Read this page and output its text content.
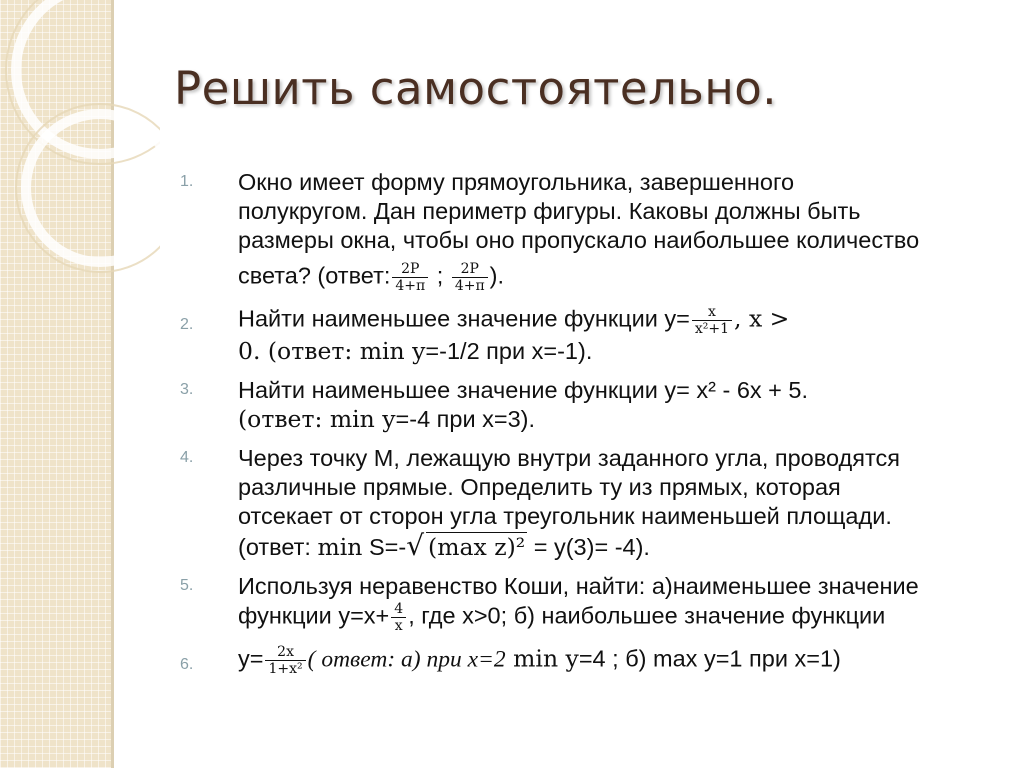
Решить самостоятельно.
1. Окно имеет форму прямоугольника, завершенного
полукругом. Дан периметр фигуры. Каковы должны быть
размеры окна, чтобы оно пропускало наибольшее количество
света? (ответ: $\frac{2P}{4+\pi}$ ; $\frac{2P}{4+\pi}$ ).
2. Найти наименьшее значение функции $у= \frac{x}{\text{x²+1}}$ , x >
0. (ответ: min y=-1/2 при х=-1).
3. Найти наименьшее значение функции у= х² - 6х + 5.
(ответ: min y=-4 при х=3).
4. Через точку М, лежащую внутри заданного угла, проводятся
различные прямые. Определить ту из прямых, которая
отсекает от сторон угла треугольник наименьшей площади.
(ответ: min S=-√ (max z)² = у(3)= -4).
5. Используя неравенство Коши, найти: а)наименьшее значение
функции $у=х+ \frac{4}{x}$ , где х>0; б) наибольшее значение функции
6. $у= \frac{2x}{\text{1+x²}}$ ( ответ: а) при х=2 min y=4 ; б) max у=1 при х=1)
